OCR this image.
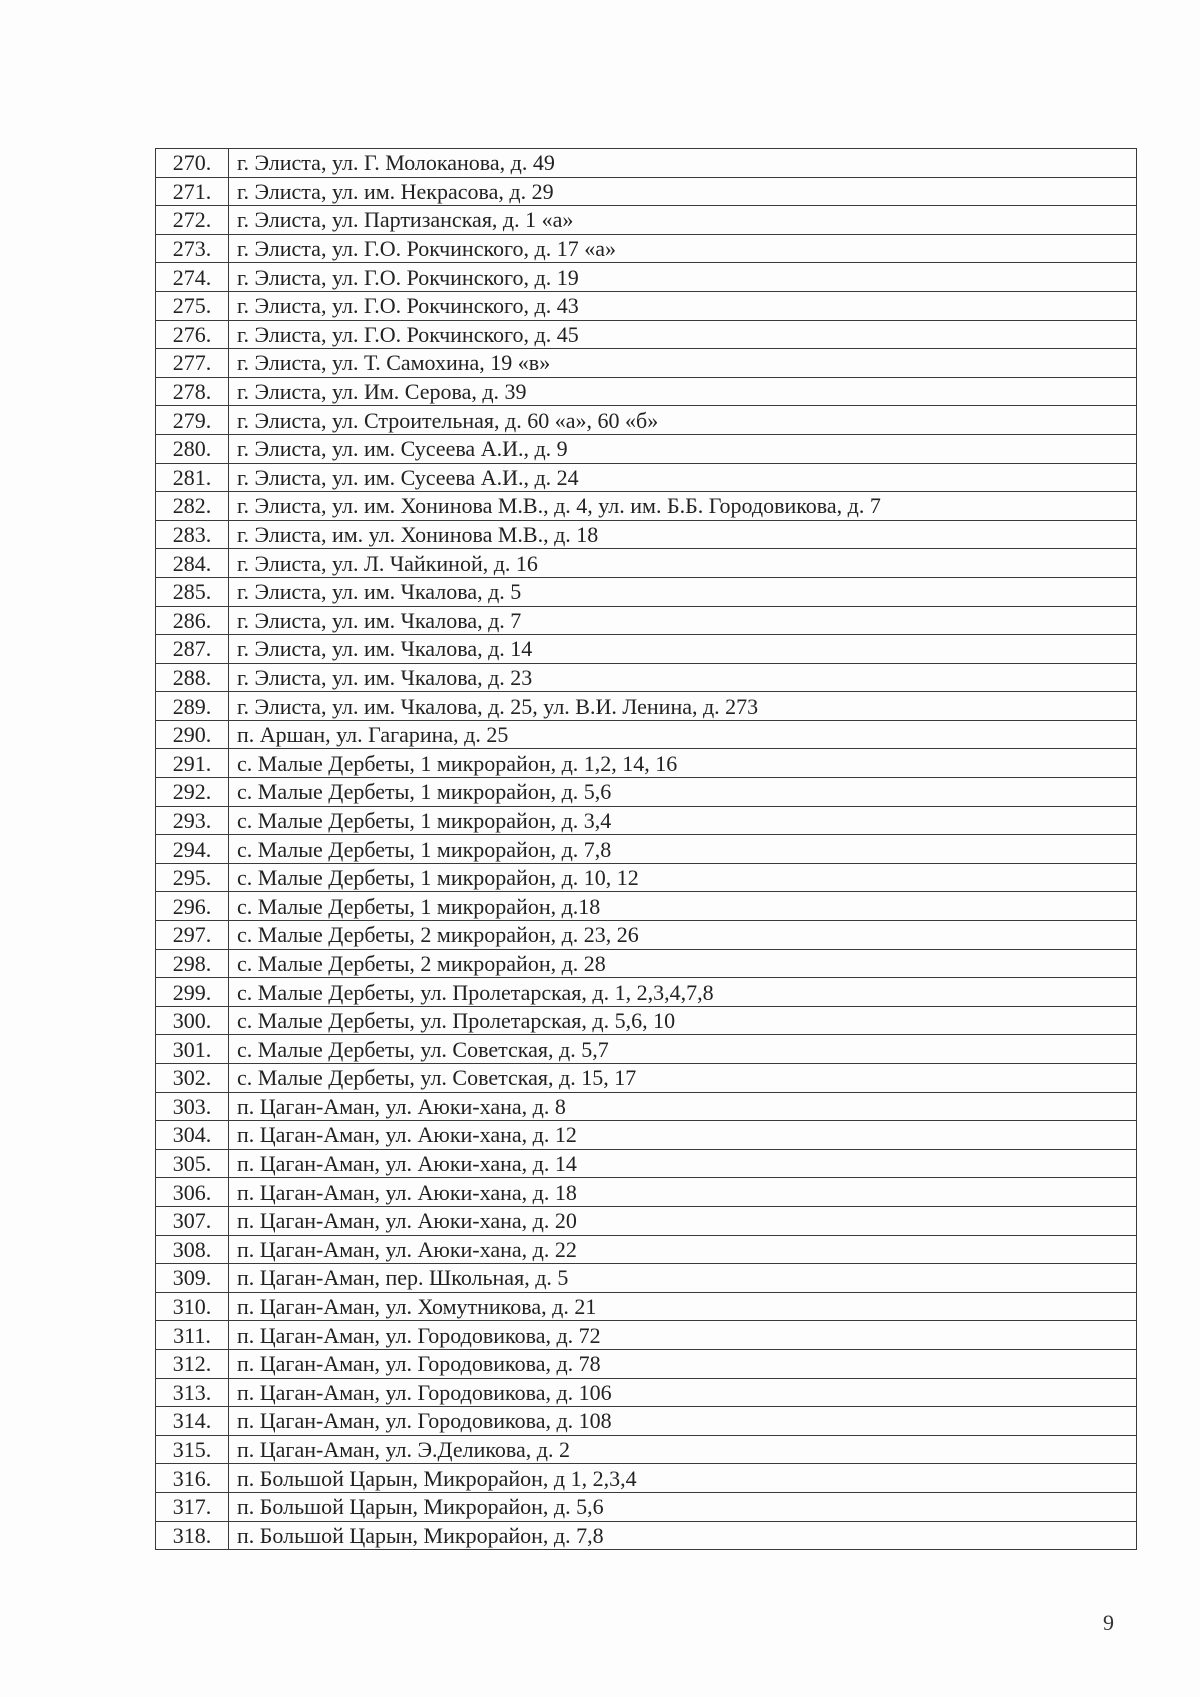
270.	г. Элиста, ул. Г. Молоканова, д. 49
271.	г. Элиста, ул. им. Некрасова, д. 29
272.	г. Элиста, ул. Партизанская, д. 1 «а»
273.	г. Элиста, ул. Г.О. Рокчинского, д. 17 «а»
274.	г. Элиста, ул. Г.О. Рокчинского, д. 19
275.	г. Элиста, ул. Г.О. Рокчинского, д. 43
276.	г. Элиста, ул. Г.О. Рокчинского, д. 45
277.	г. Элиста, ул. Т. Самохина, 19 «в»
278.	г. Элиста, ул. Им. Серова, д. 39
279.	г. Элиста, ул. Строительная, д. 60 «а», 60 «б»
280.	г. Элиста, ул. им. Сусеева А.И., д. 9
281.	г. Элиста, ул. им. Сусеева А.И., д. 24
282.	г. Элиста, ул. им. Хонинова М.В., д. 4, ул. им. Б.Б. Городовикова, д. 7
283.	г. Элиста, им. ул. Хонинова М.В., д. 18
284.	г. Элиста, ул. Л. Чайкиной, д. 16
285.	г. Элиста, ул. им. Чкалова, д. 5
286.	г. Элиста, ул. им. Чкалова, д. 7
287.	г. Элиста, ул. им. Чкалова, д. 14
288.	г. Элиста, ул. им. Чкалова, д. 23
289.	г. Элиста, ул. им. Чкалова, д. 25, ул. В.И. Ленина, д. 273
290.	п. Аршан, ул. Гагарина, д. 25
291.	с. Малые Дербеты, 1 микрорайон, д. 1,2, 14, 16
292.	с. Малые Дербеты, 1 микрорайон, д. 5,6
293.	с. Малые Дербеты, 1 микрорайон, д. 3,4
294.	с. Малые Дербеты, 1 микрорайон, д. 7,8
295.	с. Малые Дербеты, 1 микрорайон, д. 10, 12
296.	с. Малые Дербеты, 1 микрорайон, д.18
297.	с. Малые Дербеты, 2 микрорайон, д. 23, 26
298.	с. Малые Дербеты, 2 микрорайон, д. 28
299.	с. Малые Дербеты, ул. Пролетарская, д. 1, 2,3,4,7,8
300.	с. Малые Дербеты, ул. Пролетарская, д. 5,6, 10
301.	с. Малые Дербеты, ул. Советская, д. 5,7
302.	с. Малые Дербеты, ул. Советская, д. 15, 17
303.	п. Цаган-Аман, ул. Аюки-хана, д. 8
304.	п. Цаган-Аман, ул. Аюки-хана, д. 12
305.	п. Цаган-Аман, ул. Аюки-хана, д. 14
306.	п. Цаган-Аман, ул. Аюки-хана, д. 18
307.	п. Цаган-Аман, ул. Аюки-хана, д. 20
308.	п. Цаган-Аман, ул. Аюки-хана, д. 22
309.	п. Цаган-Аман, пер. Школьная, д. 5
310.	п. Цаган-Аман, ул. Хомутникова, д. 21
311.	п. Цаган-Аман, ул. Городовикова, д. 72
312.	п. Цаган-Аман, ул. Городовикова, д. 78
313.	п. Цаган-Аман, ул. Городовикова, д. 106
314.	п. Цаган-Аман, ул. Городовикова, д. 108
315.	п. Цаган-Аман, ул. Э.Деликова, д. 2
316.	п. Большой Царын, Микрорайон, д 1, 2,3,4
317.	п. Большой Царын, Микрорайон, д. 5,6
318.	п. Большой Царын, Микрорайон, д. 7,8
9
